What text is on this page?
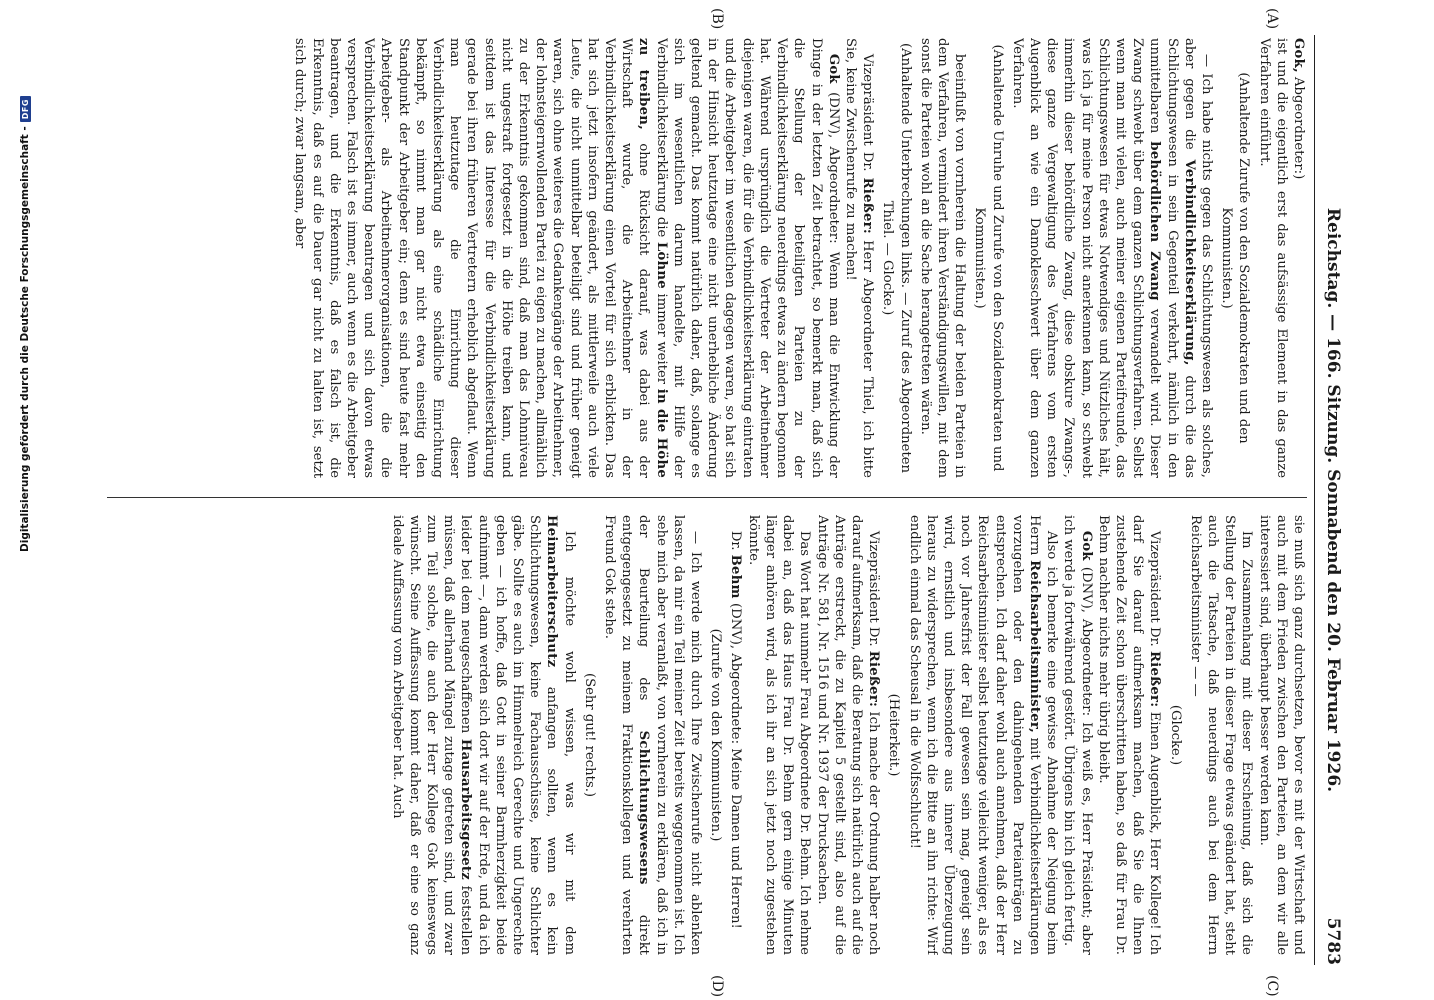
Reichstag. — 166. Sitzung. Sonnabend den 20. Februar 1926.
5783
(A)
(B)
(C)
(D)

Gok, Abgeordneter:)

ist und die eigentlich erst das aufsässige Element in das ganze Verfahren einführt.

(Anhaltende Zurufe von den Sozialdemokraten und den Kommunisten.)

— Ich habe nichts gegen das Schlichtungswesen als solches, aber gegen die Verbindlichkeitserklärung, durch die das Schlichtungswesen in sein Gegenteil verkehrt, nämlich in den unmittelbaren behördlichen Zwang verwandelt wird. Dieser Zwang schwebt über dem ganzen Schlichtungsverfahren. Selbst wenn man mit vielen, auch meiner eigenen Parteifreunde, das Schlichtungswesen für etwas Notwendiges und Nützliches hält, was ich ja für meine Person nicht anerkennen kann, so schwebt immerhin dieser behördliche Zwang, diese obskure Zwangs-, diese ganze Vergewaltigung des Verfahrens vom ersten Augenblick an wie ein Damoklesschwert über dem ganzen Verfahren.

(Anhaltende Unruhe und Zurufe von den Sozialdemokraten und Kommunisten.)

beeinflußt von vornherein die Haltung der beiden Parteien in dem Verfahren, vermindert ihren Verständigungswillen, mit dem sonst die Parteien wohl an die Sache herangetreten wären.

(Anhaltende Unterbrechungen links. — Zuruf des Abgeordneten Thiel. — Glocke.)

Vizepräsident Dr. Rießer: Herr Abgeordneter Thiel, ich bitte Sie, keine Zwischenrufe zu machen!

Gok (DNV), Abgeordneter: Wenn man die Entwicklung der Dinge in der letzten Zeit betrachtet, so bemerkt man, daß sich die Stellung der beteiligten Parteien zu der Verbindlichkeitserklärung neuerdings etwas zu ändern begonnen hat. Während ursprünglich die Vertreter der Arbeitnehmer diejenigen waren, die für die Verbindlichkeitserklärung eintraten und die Arbeitgeber im wesentlichen dagegen waren, so hat sich in der Hinsicht heutzutage eine nicht unerhebliche Änderung geltend gemacht. Das kommt natürlich daher, daß, solange es sich im wesentlichen darum handelte, mit Hilfe der Verbindlichkeitserklärung die Löhne immer weiter in die Höhe zu treiben, ohne Rücksicht darauf, was dabei aus der Wirtschaft wurde, die Arbeitnehmer in der Verbindlichkeitserklärung einen Vorteil für sich erblickten. Das hat sich jetzt insofern geändert, als mittlerweile auch viele Leute, die nicht unmittelbar beteiligt sind und früher geneigt waren, sich ohne weiteres die Gedankengänge der Arbeitnehmer, der lohnsteigernwollenden Partei zu eigen zu machen, allmählich zu der Erkenntnis gekommen sind, daß man das Lohnniveau nicht ungestraft fortgesetzt in die Höhe treiben kann, und seitdem ist das Interesse für die Verbindlichkeitserklärung gerade bei ihren früheren Vertretern erheblich abgeflaut. Wenn man heutzutage die Einrichtung dieser Verbindlichkeitserklärung als eine schädliche Einrichtung bekämpft, so nimmt man gar nicht etwa einseitig den Standpunkt der Arbeitgeber ein; denn es sind heute fast mehr Arbeitgeber- als Arbeitnehmerorganisationen, die die Verbindlichkeitserklärung beantragen und sich davon etwas versprechen. Falsch ist es immer, auch wenn es die Arbeitgeber beantragen, und die Erkenntnis, daß es falsch ist, die Erkenntnis, daß es auf die Dauer gar nicht zu halten ist, setzt sich durch; zwar langsam, aber

sie muß sich ganz durchsetzen, bevor es mit der Wirtschaft und auch mit dem Frieden zwischen den Parteien, an dem wir alle interessiert sind, überhaupt besser werden kann.

Im Zusammenhang mit dieser Erscheinung, daß sich die Stellung der Parteien in dieser Frage etwas geändert hat, steht auch die Tatsache, daß neuerdings auch bei dem Herrn Reichsarbeitsminister — —

(Glocke.)

Vizepräsident Dr. Rießer: Einen Augenblick, Herr Kollege! Ich darf Sie darauf aufmerksam machen, daß Sie die Ihnen zustehende Zeit schon überschritten haben, so daß für Frau Dr. Behm nachher nichts mehr übrig bleibt.

Gok (DNV), Abgeordneter: Ich weiß es, Herr Präsident; aber ich werde ja fortwährend gestört. Übrigens bin ich gleich fertig.

Also ich bemerke eine gewisse Abnahme der Neigung beim Herrn Reichsarbeitsminister, mit Verbindlichkeitserklärungen vorzugehen oder den dahingehenden Parteianträgen zu entsprechen. Ich darf daher wohl auch annehmen, daß der Herr Reichsarbeitsminister selbst heutzutage vielleicht weniger, als es noch vor Jahresfrist der Fall gewesen sein mag, geneigt sein wird, ernstlich und insbesondere aus innerer Überzeugung heraus zu widersprechen, wenn ich die Bitte an ihn richte: Wirf endlich einmal das Scheusal in die Wolfsschlucht!

(Heiterkeit.)

Vizepräsident Dr. Rießer: Ich mache der Ordnung halber noch darauf aufmerksam, daß die Beratung sich natürlich auch auf die Anträge erstreckt, die zu Kapitel 5 gestellt sind, also auf die Anträge Nr. 581, Nr. 1516 und Nr. 1937 der Drucksachen.

Das Wort hat nunmehr Frau Abgeordnete Dr. Behm. Ich nehme dabei an, daß das Haus Frau Dr. Behm gern einige Minuten länger anhören wird, als ich ihr an sich jetzt noch zugestehen könnte.

Dr. Behm (DNV), Abgeordnete: Meine Damen und Herren!

(Zurufe von den Kommunisten.)

— Ich werde mich durch Ihre Zwischenrufe nicht ablenken lassen, da mir ein Teil meiner Zeit bereits weggenommen ist. Ich sehe mich aber veranlaßt, von vornherein zu erklären, daß ich in der Beurteilung des Schlichtungswesens direkt entgegengesetzt zu meinem Fraktionskollegen und verehrten Freund Gok stehe.

(Sehr gut! rechts.)

Ich möchte wohl wissen, was wir mit dem Heimarbeiterschutz anfangen sollten, wenn es kein Schlichtungswesen, keine Fachausschüsse, keine Schlichter gäbe. Sollte es auch im Himmelreich Gerechte und Ungerechte geben — ich hoffe, daß Gott in seiner Barmherzigkeit beide aufnimmt —, dann werden sich dort wir auf der Erde, und da ich leider bei dem neugeschaffenen Hausarbeitsgesetz feststellen müssen, daß allerhand Mängel zutage getreten sind, und zwar zum Teil solche, die auch der Herr Kollege Gok keineswegs wünscht. Seine Auffassung kommt daher, daß er eine so ganz ideale Auffassung vom Arbeitgeber hat. Auch

Digitalisierung gefördert durch die Deutsche Forschungsgemeinschaft -
DFG
